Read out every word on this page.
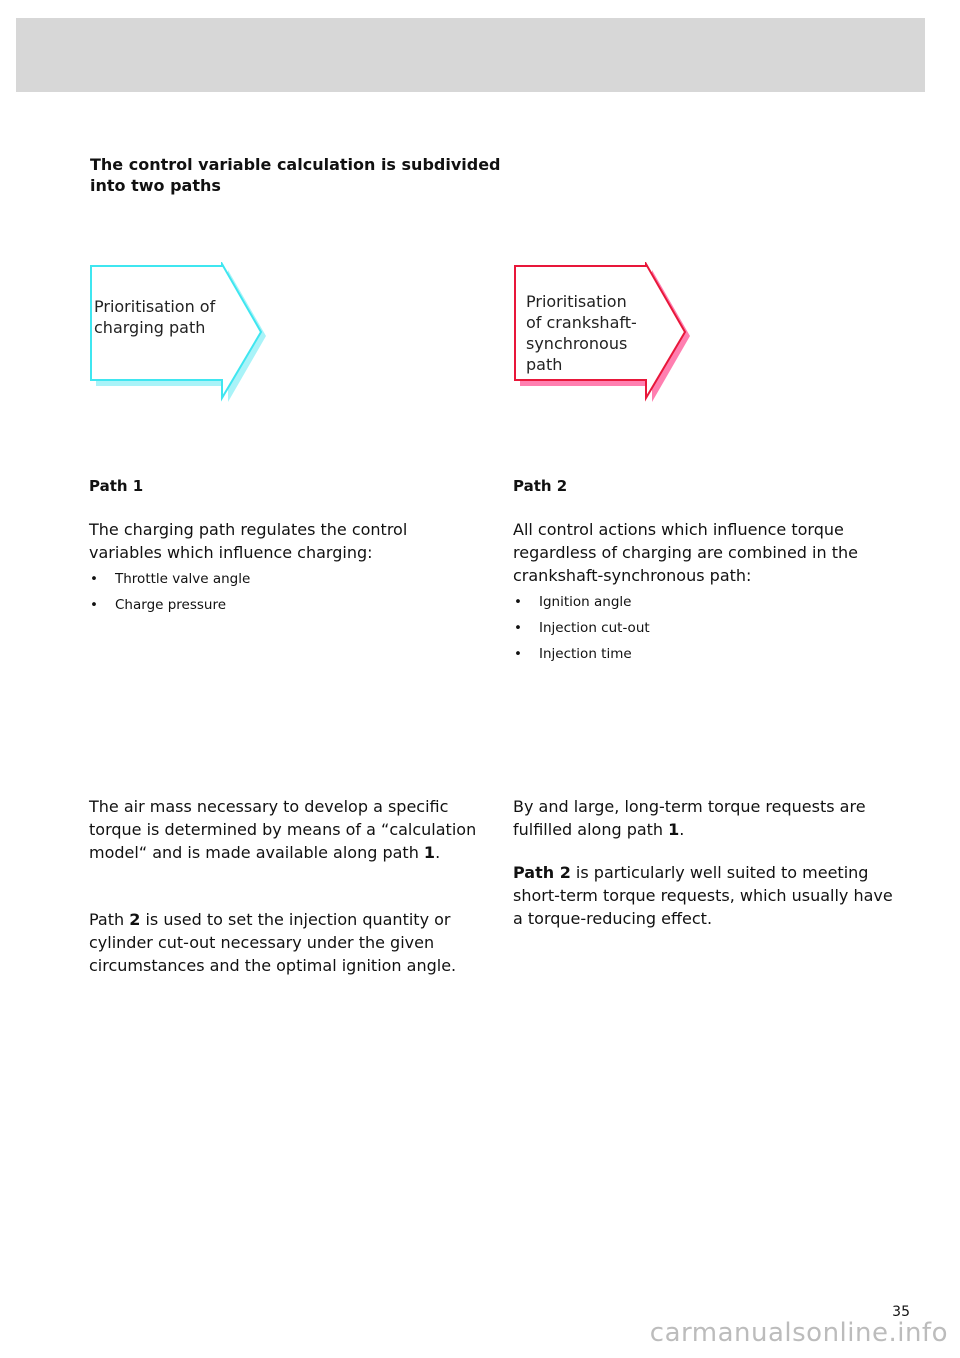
The control variable calculation is subdivided into two paths
Prioritisation of charging path
Prioritisation of crankshaft-synchronous path
Path 1
The charging path regulates the control variables which influence charging:
• Throttle valve angle
• Charge pressure
Path 2
All control actions which influence torque regardless of charging are combined in the crankshaft-synchronous path:
• Ignition angle
• Injection cut-out
• Injection time
The air mass necessary to develop a specific torque is determined by means of a “calculation model“ and is made available along path 1.
Path 2 is used to set the injection quantity or cylinder cut-out necessary under the given circumstances and the optimal ignition angle.
By and large, long-term torque requests are fulfilled along path 1.
Path 2 is particularly well suited to meeting short-term torque requests, which usually have a torque-reducing effect.
35
carmanualsonline.info
